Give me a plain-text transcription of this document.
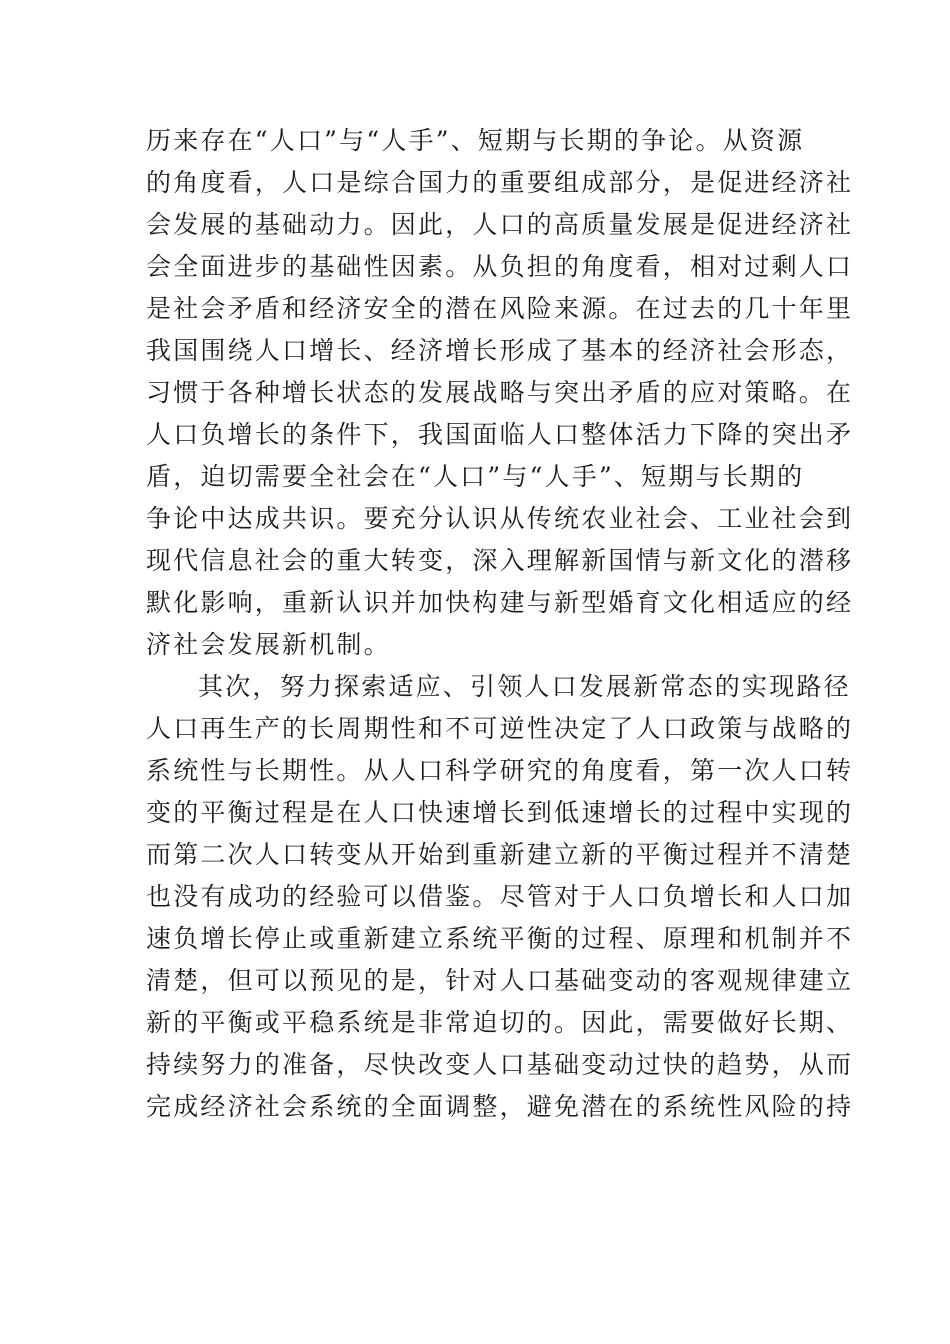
历来存在“人口”与“人手”、短期与长期的争论。从资源
的角度看，人口是综合国力的重要组成部分，是促进经济社
会发展的基础动力。因此，人口的高质量发展是促进经济社
会全面进步的基础性因素。从负担的角度看，相对过剩人口
是社会矛盾和经济安全的潜在风险来源。在过去的几十年里
我国围绕人口增长、经济增长形成了基本的经济社会形态，
习惯于各种增长状态的发展战略与突出矛盾的应对策略。在
人口负增长的条件下，我国面临人口整体活力下降的突出矛
盾，迫切需要全社会在“人口”与“人手”、短期与长期的
争论中达成共识。要充分认识从传统农业社会、工业社会到
现代信息社会的重大转变，深入理解新国情与新文化的潜移
默化影响，重新认识并加快构建与新型婚育文化相适应的经
济社会发展新机制。
其次，努力探索适应、引领人口发展新常态的实现路径
人口再生产的长周期性和不可逆性决定了人口政策与战略的
系统性与长期性。从人口科学研究的角度看，第一次人口转
变的平衡过程是在人口快速增长到低速增长的过程中实现的
而第二次人口转变从开始到重新建立新的平衡过程并不清楚
也没有成功的经验可以借鉴。尽管对于人口负增长和人口加
速负增长停止或重新建立系统平衡的过程、原理和机制并不
清楚，但可以预见的是，针对人口基础变动的客观规律建立
新的平衡或平稳系统是非常迫切的。因此，需要做好长期、
持续努力的准备，尽快改变人口基础变动过快的趋势，从而
完成经济社会系统的全面调整，避免潜在的系统性风险的持
